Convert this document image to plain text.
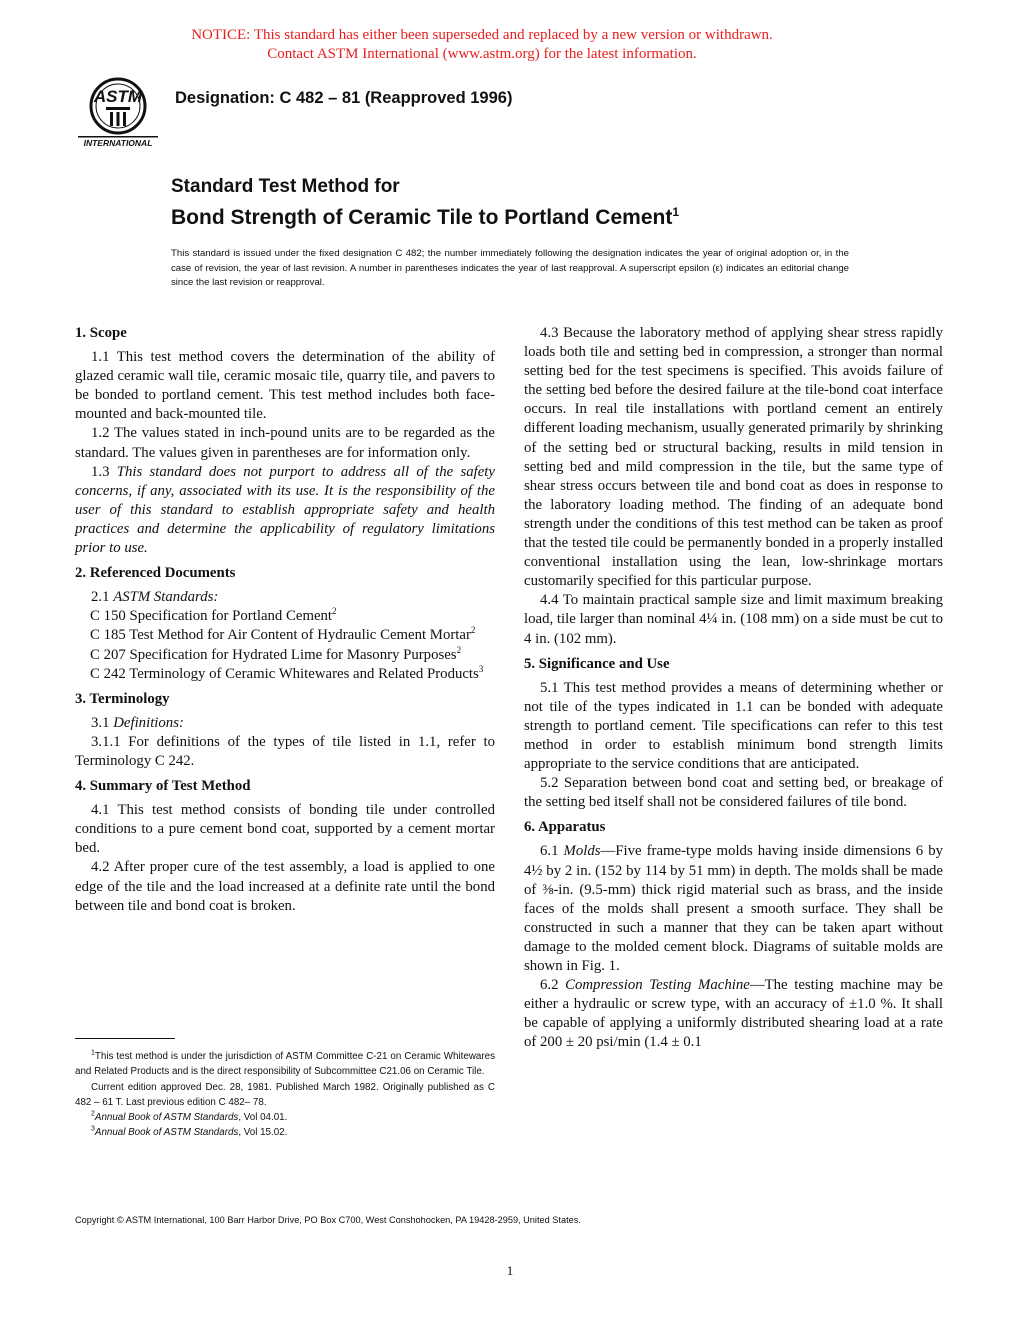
NOTICE: This standard has either been superseded and replaced by a new version or withdrawn.
Contact ASTM International (www.astm.org) for the latest information.
ASTM
INTERNATIONAL
Designation: C 482 – 81 (Reapproved 1996)
Standard Test Method for
Bond Strength of Ceramic Tile to Portland Cement$^1$
This standard is issued under the fixed designation C 482; the number immediately following the designation indicates the year of original adoption or, in the case of revision, the year of last revision. A number in parentheses indicates the year of last reapproval. A superscript epsilon (ε) indicates an editorial change since the last revision or reapproval.
1. Scope

1.1 This test method covers the determination of the ability of glazed ceramic wall tile, ceramic mosaic tile, quarry tile, and pavers to be bonded to portland cement. This test method includes both face-mounted and back-mounted tile.

1.2 The values stated in inch-pound units are to be regarded as the standard. The values given in parentheses are for information only.

1.3 This standard does not purport to address all of the safety concerns, if any, associated with its use. It is the responsibility of the user of this standard to establish appropriate safety and health practices and determine the applicability of regulatory limitations prior to use.

2. Referenced Documents

2.1 ASTM Standards:

C 150 Specification for Portland Cement$^2$

C 185 Test Method for Air Content of Hydraulic Cement Mortar$^2$

C 207 Specification for Hydrated Lime for Masonry Purposes$^2$

C 242 Terminology of Ceramic Whitewares and Related Products$^3$

3. Terminology

3.1 Definitions:

3.1.1 For definitions of the types of tile listed in 1.1, refer to Terminology C 242.

4. Summary of Test Method

4.1 This test method consists of bonding tile under controlled conditions to a pure cement bond coat, supported by a cement mortar bed.

4.2 After proper cure of the test assembly, a load is applied to one edge of the tile and the load increased at a definite rate until the bond between tile and bond coat is broken.

4.3 Because the laboratory method of applying shear stress rapidly loads both tile and setting bed in compression, a stronger than normal setting bed for the test specimens is specified. This avoids failure of the setting bed before the desired failure at the tile-bond coat interface occurs. In real tile installations with portland cement an entirely different loading mechanism, usually generated primarily by shrinking of the setting bed or structural backing, results in mild tension in setting bed and mild compression in the tile, but the same type of shear stress occurs between tile and bond coat as does in response to the laboratory loading method. The finding of an adequate bond strength under the conditions of this test method can be taken as proof that the tested tile could be permanently bonded in a properly installed conventional installation using the lean, low-shrinkage mortars customarily specified for this particular purpose.

4.4 To maintain practical sample size and limit maximum breaking load, tile larger than nominal 4¼ in. (108 mm) on a side must be cut to 4 in. (102 mm).

5. Significance and Use

5.1 This test method provides a means of determining whether or not tile of the types indicated in 1.1 can be bonded with adequate strength to portland cement. Tile specifications can refer to this test method in order to establish minimum bond strength limits appropriate to the service conditions that are anticipated.

5.2 Separation between bond coat and setting bed, or breakage of the setting bed itself shall not be considered failures of tile bond.

6. Apparatus

6.1 Molds—Five frame-type molds having inside dimensions 6 by 4½ by 2 in. (152 by 114 by 51 mm) in depth. The molds shall be made of ⅜-in. (9.5-mm) thick rigid material such as brass, and the inside faces of the molds shall present a smooth surface. They shall be constructed in such a manner that they can be taken apart without damage to the molded cement block. Diagrams of suitable molds are shown in Fig. 1.

6.2 Compression Testing Machine—The testing machine may be either a hydraulic or screw type, with an accuracy of ±1.0 %. It shall be capable of applying a uniformly distributed shearing load at a rate of 200 ± 20 psi/min (1.4 ± 0.1

$^1$This test method is under the jurisdiction of ASTM Committee C-21 on Ceramic Whitewares and Related Products and is the direct responsibility of Subcommittee C21.06 on Ceramic Tile.

Current edition approved Dec. 28, 1981. Published March 1982. Originally published as C 482 – 61 T. Last previous edition C 482– 78.

$^2$Annual Book of ASTM Standards, Vol 04.01.

$^3$Annual Book of ASTM Standards, Vol 15.02.

Copyright © ASTM International, 100 Barr Harbor Drive, PO Box C700, West Conshohocken, PA 19428-2959, United States.
1
